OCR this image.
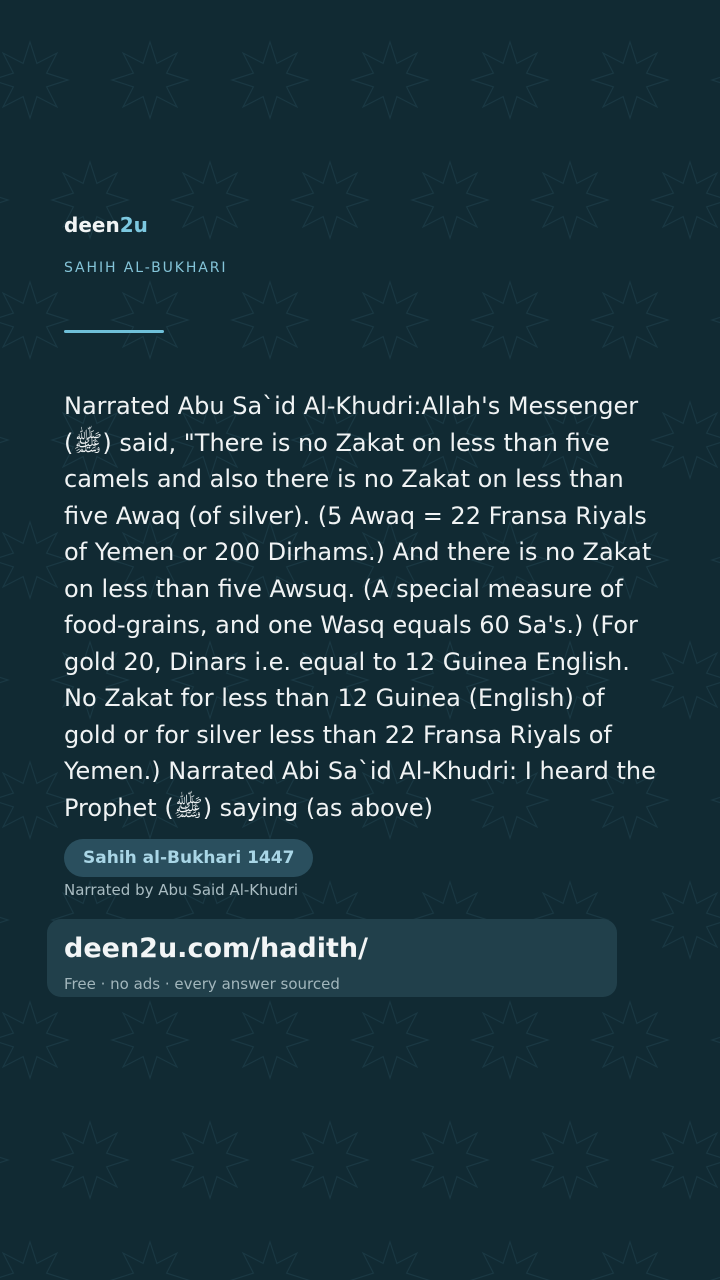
deen2u
SAHIH AL-BUKHARI

Narrated Abu Sa`id Al-Khudri:Allah's Messenger (ﷺ) said, "There is no Zakat on less than five camels and also there is no Zakat on less than five Awaq (of silver). (5 Awaq = 22 Fransa Riyals of Yemen or 200 Dirhams.) And there is no Zakat on less than five Awsuq. (A special measure of food-grains, and one Wasq equals 60 Sa's.) (For gold 20, Dinars i.e. equal to 12 Guinea English. No Zakat for less than 12 Guinea (English) of gold or for silver less than 22 Fransa Riyals of Yemen.) Narrated Abi Sa`id Al-Khudri: I heard the Prophet (ﷺ) saying (as above)

Sahih al-Bukhari 1447
Narrated by Abu Said Al-Khudri
deen2u.com/hadith/
Free · no ads · every answer sourced
